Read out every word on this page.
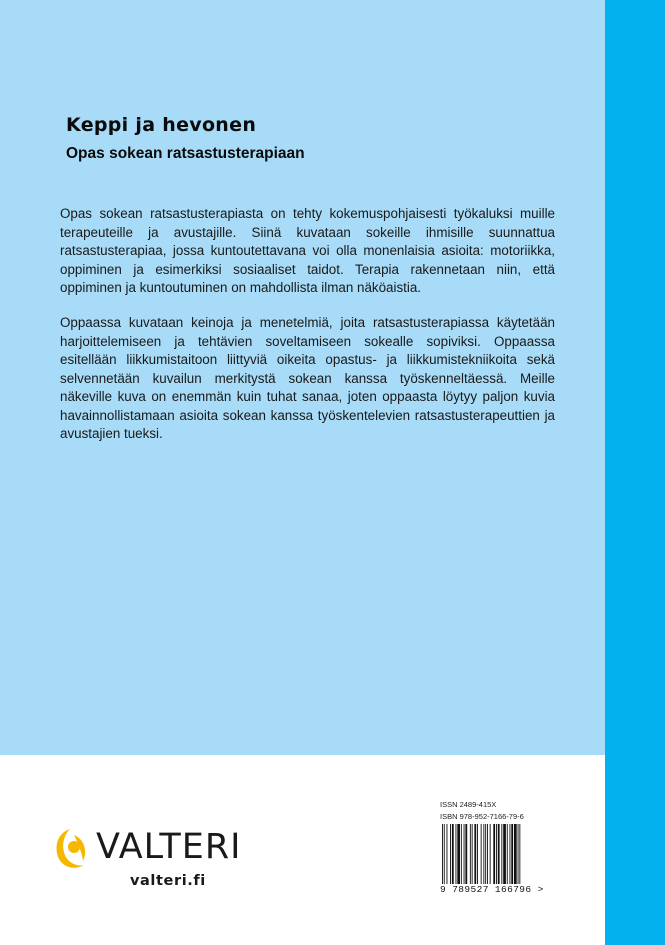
Keppi ja hevonen
Opas sokean ratsastusterapiaan

Opas sokean ratsastusterapiasta on tehty kokemuspohjaisesti työkaluksi muille terapeuteille ja avustajille. Siinä kuvataan sokeille ihmisille suunnattua ratsastusterapiaa, jossa kuntoutettavana voi olla monenlaisia asioita: motoriikka, oppiminen ja esimerkiksi sosiaaliset taidot. Terapia rakennetaan niin, että oppiminen ja kuntoutuminen on mahdollista ilman näköaistia.

Oppaassa kuvataan keinoja ja menetelmiä, joita ratsastusterapiassa käytetään harjoittelemiseen ja tehtävien soveltamiseen sokealle sopiviksi. Oppaassa esitellään liikkumistaitoon liittyviä oikeita opastus- ja liikkumistekniikoita sekä selvennetään kuvailun merkitystä sokean kanssa työskenneltäessä. Meille näkeville kuva on enemmän kuin tuhat sanaa, joten oppaasta löytyy paljon kuvia havainnollistamaan asioita sokean kanssa työskentelevien ratsastusterapeuttien ja avustajien tueksi.

VALTERI
valteri.fi
ISSN 2489-415X
ISBN 978-952-7166-79-6
9 789527 166796 >
